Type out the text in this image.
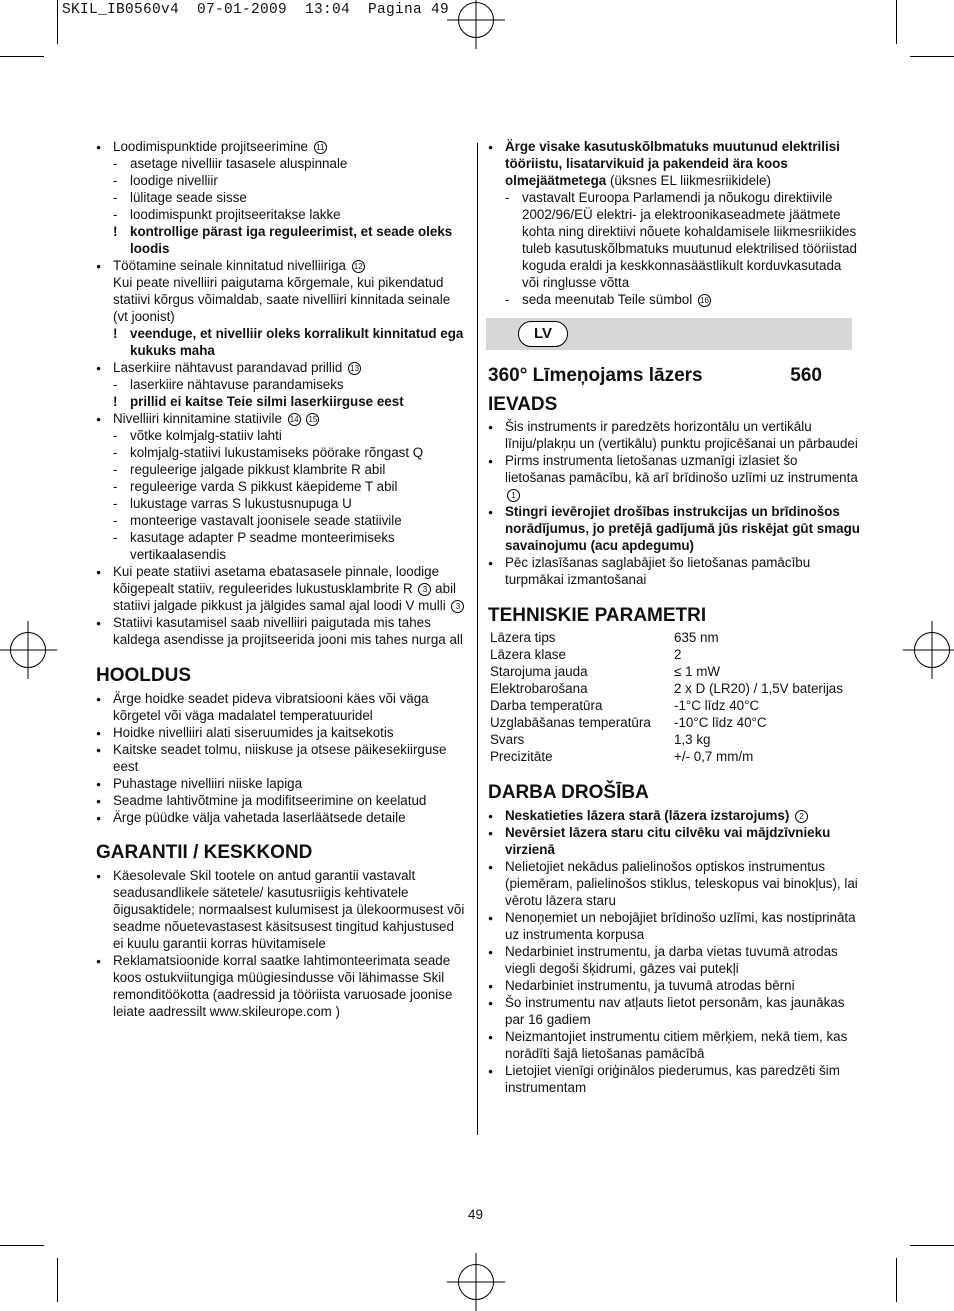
SKIL_IB0560v4  07-01-2009  13:04  Pagina 49
● Loodimispunktide projitseerimine 11
- asetage nivelliir tasasele aluspinnale
- loodige nivelliir
- lülitage seade sisse
- loodimispunkt projitseeritakse lakke
! kontrollige pärast iga reguleerimist, et seade oleks loodis
● Töötamine seinale kinnitatud nivelliiriga 12
Kui peate nivelliiri paigutama kõrgemale, kui pikendatud statiivi kõrgus võimaldab, saate nivelliiri kinnitada seinale (vt joonist)
! veenduge, et nivelliir oleks korralikult kinnitatud ega kukuks maha
● Laserkiire nähtavust parandavad prillid 13
- laserkiire nähtavuse parandamiseks
! prillid ei kaitse Teie silmi laserkiirguse eest
● Nivelliiri kinnitamine statiivile 14 15
- võtke kolmjalg-statiiv lahti
- kolmjalg-statiivi lukustamiseks pöörake rõngast Q
- reguleerige jalgade pikkust klambrite R abil
- reguleerige varda S pikkust käepideme T abil
- lukustage varras S lukustusnupuga U
- monteerige vastavalt joonisele seade statiivile
- kasutage adapter P seadme monteerimiseks vertikaalasendis
● Kui peate statiivi asetama ebatasasele pinnale, loodige kõigepealt statiiv, reguleerides lukustusklambrite R 3 abil statiivi jalgade pikkust ja jälgides samal ajal loodi V mulli 3
● Statiivi kasutamisel saab nivelliiri paigutada mis tahes kaldega asendisse ja projitseerida jooni mis tahes nurga all
HOOLDUS
● Ärge hoidke seadet pideva vibratsiooni käes või väga kõrgetel või väga madalatel temperatuuridel
● Hoidke nivelliiri alati siseruumides ja kaitsekotis
● Kaitske seadet tolmu, niiskuse ja otsese päikesekiirguse eest
● Puhastage nivelliiri niiske lapiga
● Seadme lahtivõtmine ja modifitseerimine on keelatud
● Ärge püüdke välja vahetada laserläätsede detaile
GARANTII / KESKKOND
● Käesolevale Skil tootele on antud garantii vastavalt seadusandlikele sätetele/ kasutusriigis kehtivatele õigusaktidele; normaalsest kulumisest ja ülekoormusest või seadme nõuetevastasest käsitsusest tingitud kahjustused ei kuulu garantii korras hüvitamisele
● Reklamatsioonide korral saatke lahtimonteerimata seade koos ostukviitungiga müügiesindusse või lähimasse Skil remonditöökotta (aadressid ja tööriista varuosade joonise leiate aadressilt www.skileurope.com )
● Ärge visake kasutuskõlbmatuks muutunud elektrilisi tööriistu, lisatarvikuid ja pakendeid ära koos olmejäätmetega (üksnes EL liikmesriikidele)
- vastavalt Euroopa Parlamendi ja nõukogu direktiivile 2002/96/EÜ elektri- ja elektroonikaseadmete jäätmete kohta ning direktiivi nõuete kohaldamisele liikmesriikides tuleb kasutuskõlbmatuks muutunud elektrilised tööriistad koguda eraldi ja keskkonnasäästlikult korduvkasutada või ringlusse võtta
- seda meenutab Teile sümbol 16
LV
360° Līmeņojams lāzers	560
IEVADS
● Šis instruments ir paredzēts horizontālu un vertikālu līniju/plakņu un (vertikālu) punktu projicēšanai un pārbaudei
● Pirms instrumenta lietošanas uzmanīgi izlasiet šo lietošanas pamācību, kā arī brīdinošo uzlīmi uz instrumenta 1
● Stingri ievērojiet drošības instrukcijas un brīdinošos norādījumus, jo pretējā gadījumā jūs riskējat gūt smagu savainojumu (acu apdegumu)
● Pēc izlasīšanas saglabājiet šo lietošanas pamācību turpmākai izmantošanai
TEHNISKIE PARAMETRI
Lāzera tips	635 nm
Lāzera klase	2
Starojuma jauda	≤ 1 mW
Elektrobarošana	2 x D (LR20) / 1,5V baterijas
Darba temperatūra	-1°C līdz 40°C
Uzglabāšanas temperatūra	-10°C līdz 40°C
Svars	1,3 kg
Precizitāte	+/- 0,7 mm/m
DARBA DROŠĪBA
● Neskatieties lāzera starā (lāzera izstarojums) 2
● Nevērsiet lāzera staru citu cilvēku vai mājdzīvnieku virzienā
● Nelietojiet nekādus palielinošos optiskos instrumentus (piemēram, palielinošos stiklus, teleskopus vai binokļus), lai vērotu lāzera staru
● Nenoņemiet un nebojājiet brīdinošo uzlīmi, kas nostiprināta uz instrumenta korpusa
● Nedarbiniet instrumentu, ja darba vietas tuvumā atrodas viegli degoši šķidrumi, gāzes vai putekļi
● Nedarbiniet instrumentu, ja tuvumā atrodas bērni
● Šo instrumentu nav atļauts lietot personām, kas jaunākas par 16 gadiem
● Neizmantojiet instrumentu citiem mērķiem, nekā tiem, kas norādīti šajā lietošanas pamācībā
● Lietojiet vienīgi oriģinālos piederumus, kas paredzēti šim instrumentam
49
